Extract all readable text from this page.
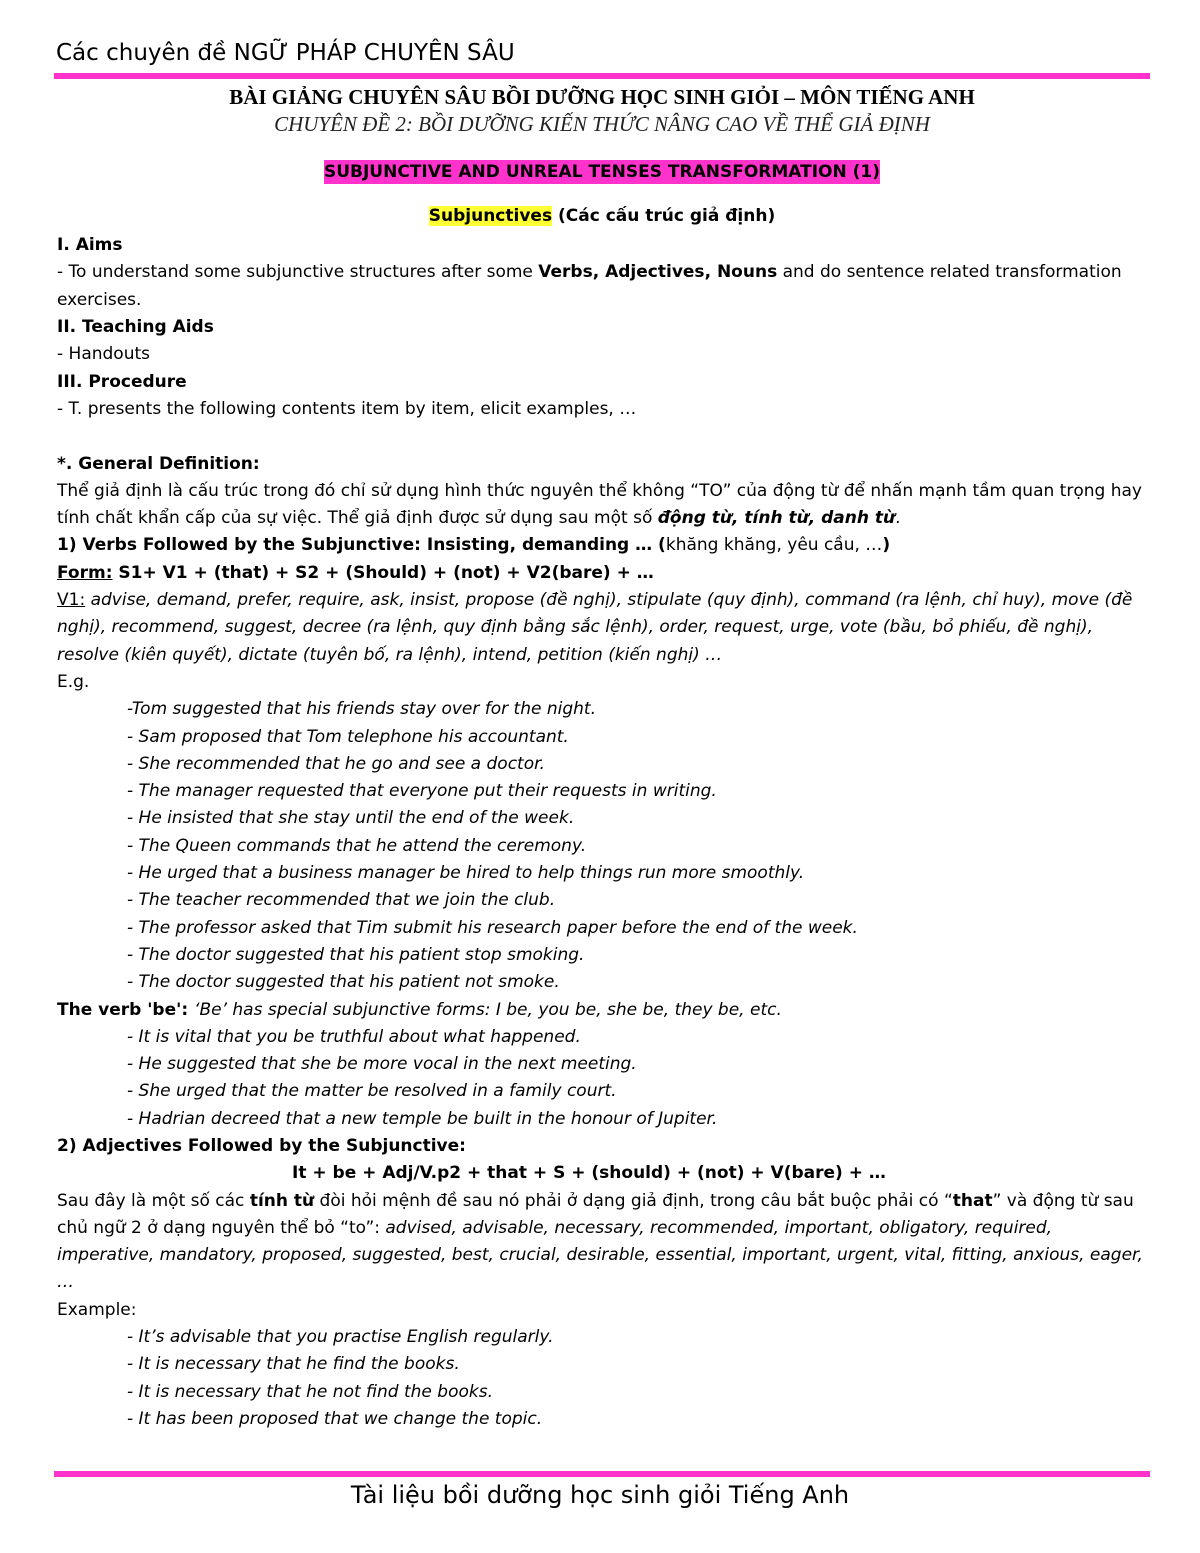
Các chuyên đề NGỮ PHÁP CHUYÊN SÂU
BÀI GIẢNG CHUYÊN SÂU BỒI DƯỠNG HỌC SINH GIỎI – MÔN TIẾNG ANH
CHUYÊN ĐỀ 2: BỒI DƯỠNG KIẾN THỨC NÂNG CAO VỀ THỂ GIẢ ĐỊNH
SUBJUNCTIVE AND UNREAL TENSES TRANSFORMATION (1)
Subjunctives (Các cấu trúc giả định)
I. Aims
- To understand some subjunctive structures after some Verbs, Adjectives, Nouns and do sentence related transformation exercises.
II. Teaching Aids
- Handouts
III. Procedure
- T. presents the following contents item by item, elicit examples, …
*. General Definition:
Thể giả định là cấu trúc trong đó chỉ sử dụng hình thức nguyên thể không “TO” của động từ để nhấn mạnh tầm quan trọng hay tính chất khẩn cấp của sự việc. Thể giả định được sử dụng sau một số động từ, tính từ, danh từ.
1) Verbs Followed by the Subjunctive: Insisting, demanding … (khăng khăng, yêu cầu, …)
Form: S1+ V1 + (that) + S2 + (Should) + (not) + V2(bare) + …
V1: advise, demand, prefer, require, ask, insist, propose (đề nghị), stipulate (quy định), command (ra lệnh, chỉ huy), move (đề nghị), recommend, suggest, decree (ra lệnh, quy định bằng sắc lệnh), order, request, urge, vote (bầu, bỏ phiếu, đề nghị), resolve (kiên quyết), dictate (tuyên bố, ra lệnh), intend, petition (kiến nghị) …
E.g.
-Tom suggested that his friends stay over for the night.
- Sam proposed that Tom telephone his accountant.
- She recommended that he go and see a doctor.
- The manager requested that everyone put their requests in writing.
- He insisted that she stay until the end of the week.
- The Queen commands that he attend the ceremony.
- He urged that a business manager be hired to help things run more smoothly.
- The teacher recommended that we join the club.
- The professor asked that Tim submit his research paper before the end of the week.
- The doctor suggested that his patient stop smoking.
- The doctor suggested that his patient not smoke.
The verb 'be': ‘Be’ has special subjunctive forms: I be, you be, she be, they be, etc.
- It is vital that you be truthful about what happened.
- He suggested that she be more vocal in the next meeting.
- She urged that the matter be resolved in a family court.
- Hadrian decreed that a new temple be built in the honour of Jupiter.
2) Adjectives Followed by the Subjunctive:
It + be + Adj/V.p2 + that + S + (should) + (not) + V(bare) + …
Sau đây là một số các tính từ đòi hỏi mệnh đề sau nó phải ở dạng giả định, trong câu bắt buộc phải có “that” và động từ sau chủ ngữ 2 ở dạng nguyên thể bỏ “to”: advised, advisable, necessary, recommended, important, obligatory, required, imperative, mandatory, proposed, suggested, best, crucial, desirable, essential, important, urgent, vital, fitting, anxious, eager, …
Example:
- It’s advisable that you practise English regularly.
- It is necessary that he find the books.
- It is necessary that he not find the books.
- It has been proposed that we change the topic.
Tài liệu bồi dưỡng học sinh giỏi Tiếng Anh
